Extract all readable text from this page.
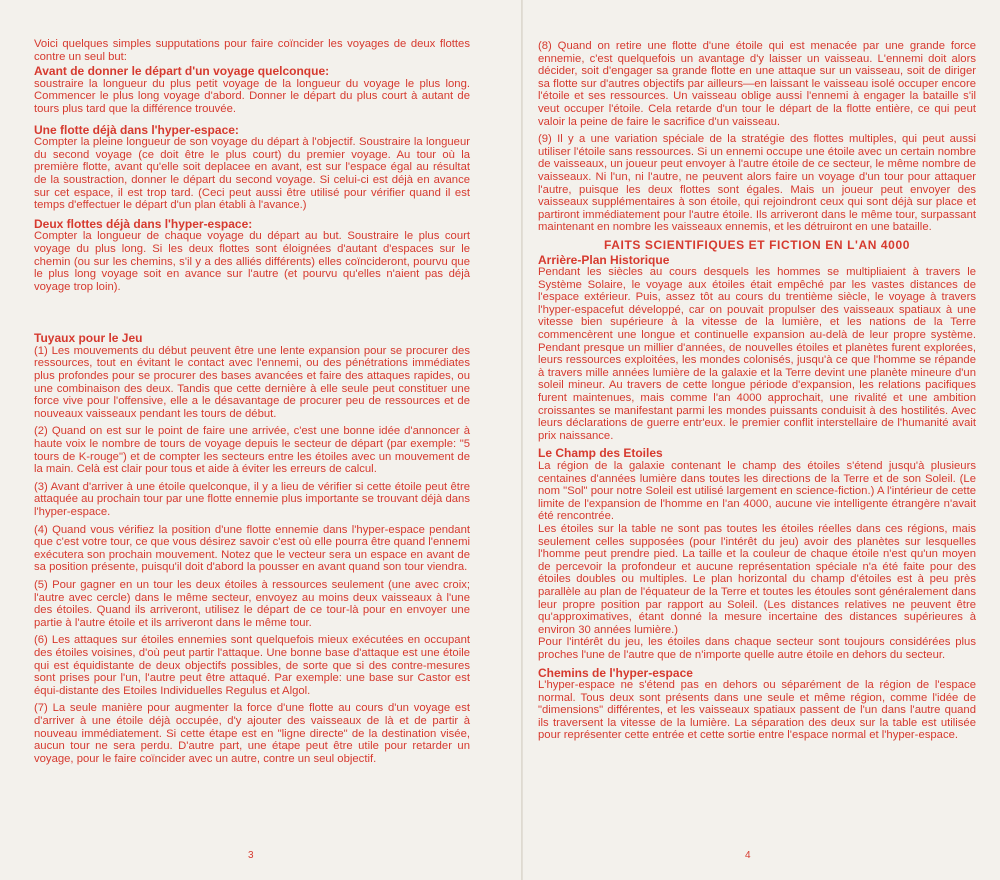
Voici quelques simples supputations pour faire coïncider les voyages de deux flottes contre un seul but:

Avant de donner le départ d'un voyage quelconque:

soustraire la longueur du plus petit voyage de la longueur du voyage le plus long. Commencer le plus long voyage d'abord. Donner le départ du plus court à autant de tours plus tard que la différence trouvée.

Une flotte déjà dans l'hyper-espace:

Compter la pleine longueur de son voyage du départ à l'objectif. Soustraire la longueur du second voyage (ce doit être le plus court) du premier voyage. Au tour où la première flotte, avant qu'elle soit deplacee en avant, est sur l'espace égal au résultat de la soustraction, donner le départ du second voyage. Si celui-ci est déjà en avance sur cet espace, il est trop tard. (Ceci peut aussi être utilisé pour vérifier quand il est temps d'effectuer le départ d'un plan établi à l'avance.)

Deux flottes déjà dans l'hyper-espace:

Compter la longueur de chaque voyage du départ au but. Soustraire le plus court voyage du plus long. Si les deux flottes sont éloignées d'autant d'espaces sur le chemin (ou sur les chemins, s'il y a des alliés différents) elles coïncideront, pourvu que le plus long voyage soit en avance sur l'autre (et pourvu qu'elles n'aient pas déjà voyage trop loin).

Tuyaux pour le Jeu

(1) Les mouvements du début peuvent être une lente expansion pour se procurer des ressources, tout en évitant le contact avec l'ennemi, ou des pénétrations immédiates plus profondes pour se procurer des bases avancées et faire des attaques rapides, ou une combinaison des deux. Tandis que cette dernière à elle seule peut constituer une force vive pour l'offensive, elle a le désavantage de procurer peu de ressources et de nouveaux vaisseaux pendant les tours de début.

(2) Quand on est sur le point de faire une arrivée, c'est une bonne idée d'annoncer à haute voix le nombre de tours de voyage depuis le secteur de départ (par exemple: "5 tours de K-rouge") et de compter les secteurs entre les étoiles avec un mouvement de la main. Celà est clair pour tous et aide à éviter les erreurs de calcul.

(3) Avant d'arriver à une étoile quelconque, il y a lieu de vérifier si cette étoile peut être attaquée au prochain tour par une flotte ennemie plus importante se trouvant déjà dans l'hyper-espace.

(4) Quand vous vérifiez la position d'une flotte ennemie dans l'hyper-espace pendant que c'est votre tour, ce que vous désirez savoir c'est où elle pourra être quand l'ennemi exécutera son prochain mouvement. Notez que le vecteur sera un espace en avant de sa position présente, puisqu'il doit d'abord la pousser en avant quand son tour viendra.

(5) Pour gagner en un tour les deux étoiles à ressources seulement (une avec croix; l'autre avec cercle) dans le même secteur, envoyez au moins deux vaisseaux à l'une des étoiles. Quand ils arriveront, utilisez le départ de ce tour-là pour en envoyer une partie à l'autre étoile et ils arriveront dans le même tour.

(6) Les attaques sur étoiles ennemies sont quelquefois mieux exécutées en occupant des étoiles voisines, d'où peut partir l'attaque. Une bonne base d'attaque est une étoile qui est équidistante de deux objectifs possibles, de sorte que si des contre-mesures sont prises pour l'un, l'autre peut être attaqué. Par exemple: une base sur Castor est équi-distante des Etoiles Individuelles Regulus et Algol.

(7) La seule manière pour augmenter la force d'une flotte au cours d'un voyage est d'arriver à une étoile déjà occupée, d'y ajouter des vaisseaux de là et de partir à nouveau immédiatement. Si cette étape est en "ligne directe" de la destination visée, aucun tour ne sera perdu. D'autre part, une étape peut être utile pour retarder un voyage, pour le faire coïncider avec un autre, contre un seul objectif.

(8) Quand on retire une flotte d'une étoile qui est menacée par une grande force ennemie, c'est quelquefois un avantage d'y laisser un vaisseau. L'ennemi doit alors décider, soit d'engager sa grande flotte en une attaque sur un vaisseau, soit de diriger sa flotte sur d'autres objectifs par ailleurs—en laissant le vaisseau isolé occuper encore l'étoile et ses ressources. Un vaisseau oblige aussi l'ennemi à engager la bataille s'il veut occuper l'étoile. Cela retarde d'un tour le départ de la flotte entière, ce qui peut valoir la peine de faire le sacrifice d'un vaisseau.

(9) Il y a une variation spéciale de la stratégie des flottes multiples, qui peut aussi utiliser l'étoile sans ressources. Si un ennemi occupe une étoile avec un certain nombre de vaisseaux, un joueur peut envoyer à l'autre étoile de ce secteur, le même nombre de vaisseaux. Ni l'un, ni l'autre, ne peuvent alors faire un voyage d'un tour pour attaquer l'autre, puisque les deux flottes sont égales. Mais un joueur peut envoyer des vaisseaux supplémentaires à son étoile, qui rejoindront ceux qui sont déjà sur place et partiront immédiatement pour l'autre étoile. Ils arriveront dans le même tour, surpassant maintenant en nombre les vaisseaux ennemis, et les détruiront en une bataille.

FAITS SCIENTIFIQUES ET FICTION EN L'AN 4000
Arrière-Plan Historique

Pendant les siècles au cours desquels les hommes se multipliaient à travers le Système Solaire, le voyage aux étoiles était empêché par les vastes distances de l'espace extérieur. Puis, assez tôt au cours du trentième siècle, le voyage à travers l'hyper-espacefut développé, car on pouvait propulser des vaisseaux spatiaux à une vitesse bien supérieure à la vitesse de la lumière, et les nations de la Terre commencèrent une longue et continuelle expansion au-delà de leur propre système. Pendant presque un millier d'années, de nouvelles étoiles et planètes furent explorées, leurs ressources exploitées, les mondes colonisés, jusqu'à ce que l'homme se répande à travers mille années lumière de la galaxie et la Terre devint une planète mineure d'un soleil mineur. Au travers de cette longue période d'expansion, les relations pacifiques furent maintenues, mais comme l'an 4000 approchait, une rivalité et une ambition croissantes se manifestant parmi les mondes puissants conduisit à des hostilités. Avec leurs déclarations de guerre entr'eux. le premier conflit interstellaire de l'humanité avait prix naissance.

Le Champ des Etoiles

La région de la galaxie contenant le champ des étoiles s'étend jusqu'à plusieurs centaines d'années lumière dans toutes les directions de la Terre et de son Soleil. (Le nom "Sol" pour notre Soleil est utilisé largement en science-fiction.) A l'intérieur de cette limite de l'expansion de l'homme en l'an 4000, aucune vie intelligente étrangère n'avait été rencontrée.

Les étoiles sur la table ne sont pas toutes les étoiles réelles dans ces régions, mais seulement celles supposées (pour l'intérêt du jeu) avoir des planètes sur lesquelles l'homme peut prendre pied. La taille et la couleur de chaque étoile n'est qu'un moyen de percevoir la profondeur et aucune représentation spéciale n'a été faite pour des étoiles doubles ou multiples. Le plan horizontal du champ d'étoiles est à peu près parallèle au plan de l'équateur de la Terre et toutes les étoules sont généralement dans leur propre position par rapport au Soleil. (Les distances relatives ne peuvent être qu'approximatives, étant donné la mesure incertaine des distances supérieures à environ 30 années lumière.)

Pour l'intérêt du jeu, les étoiles dans chaque secteur sont toujours considérées plus proches l'une de l'autre que de n'importe quelle autre étoile en dehors du secteur.

Chemins de l'hyper-espace

L'hyper-espace ne s'étend pas en dehors ou séparément de la région de l'espace normal. Tous deux sont présents dans une seule et même région, comme l'idée de "dimensions" différentes, et les vaisseaux spatiaux passent de l'un dans l'autre quand ils traversent la vitesse de la lumière. La séparation des deux sur la table est utilisée pour représenter cette entrée et cette sortie entre l'espace normal et l'hyper-espace.

3	4
